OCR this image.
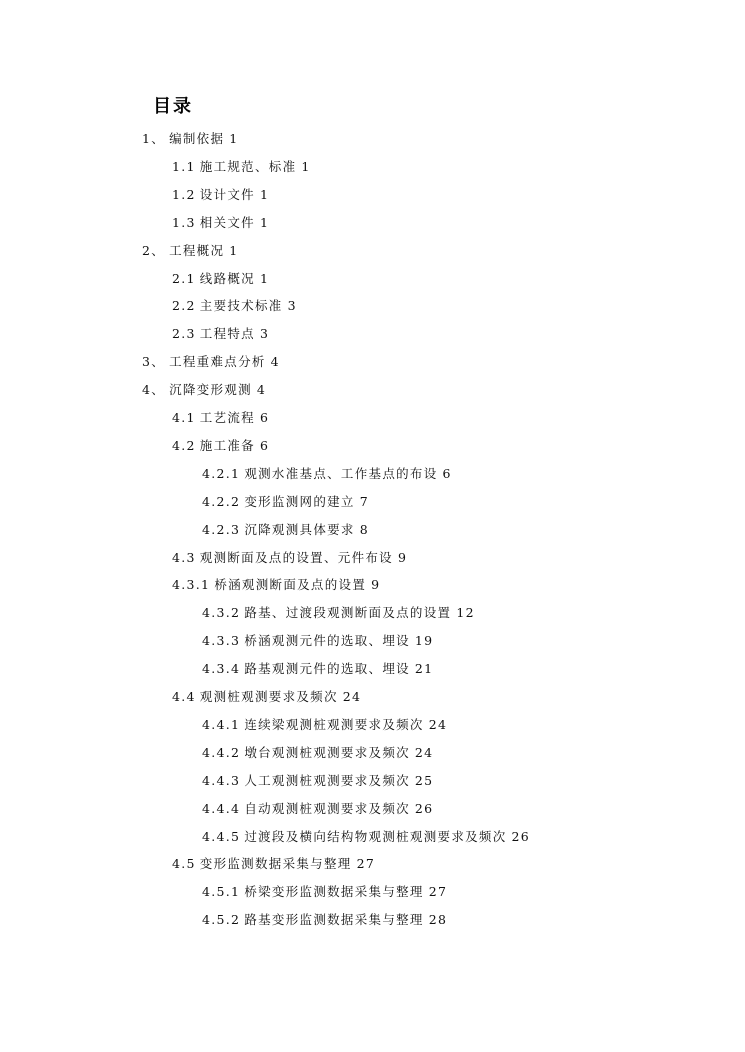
目录
1、 编制依据 1
1.1 施工规范、标准 1
1.2 设计文件 1
1.3 相关文件 1
2、 工程概况 1
2.1 线路概况 1
2.2 主要技术标准 3
2.3 工程特点 3
3、 工程重难点分析 4
4、 沉降变形观测 4
4.1 工艺流程 6
4.2 施工准备 6
4.2.1 观测水准基点、工作基点的布设 6
4.2.2 变形监测网的建立 7
4.2.3 沉降观测具体要求 8
4.3 观测断面及点的设置、元件布设 9
4.3.1 桥涵观测断面及点的设置 9
4.3.2 路基、过渡段观测断面及点的设置 12
4.3.3 桥涵观测元件的选取、埋设 19
4.3.4 路基观测元件的选取、埋设 21
4.4 观测桩观测要求及频次 24
4.4.1 连续梁观测桩观测要求及频次 24
4.4.2 墩台观测桩观测要求及频次 24
4.4.3 人工观测桩观测要求及频次 25
4.4.4 自动观测桩观测要求及频次 26
4.4.5 过渡段及横向结构物观测桩观测要求及频次 26
4.5 变形监测数据采集与整理 27
4.5.1 桥梁变形监测数据采集与整理 27
4.5.2 路基变形监测数据采集与整理 28
